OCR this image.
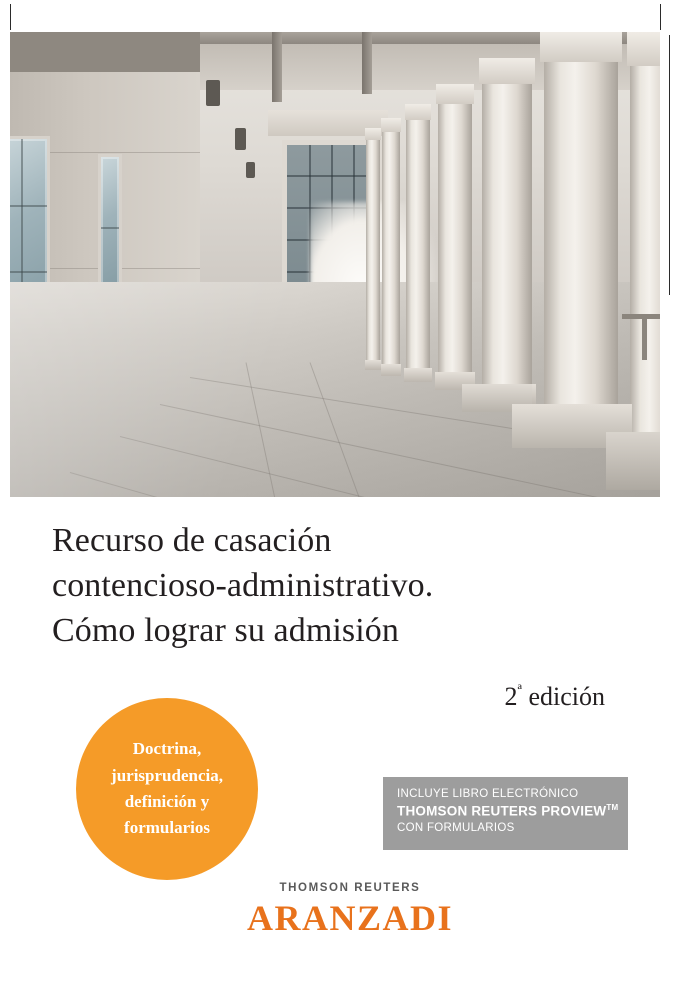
Recurso de casación
contencioso-administrativo.
Cómo lograr su admisión
$2^ª$ edición
Doctrina,
jurisprudencia,
definición y
formularios
INCLUYE LIBRO ELECTRÓNICO
THOMSON REUTERS PROVIEW™
CON FORMULARIOS
THOMSON REUTERS
ARANZADI
